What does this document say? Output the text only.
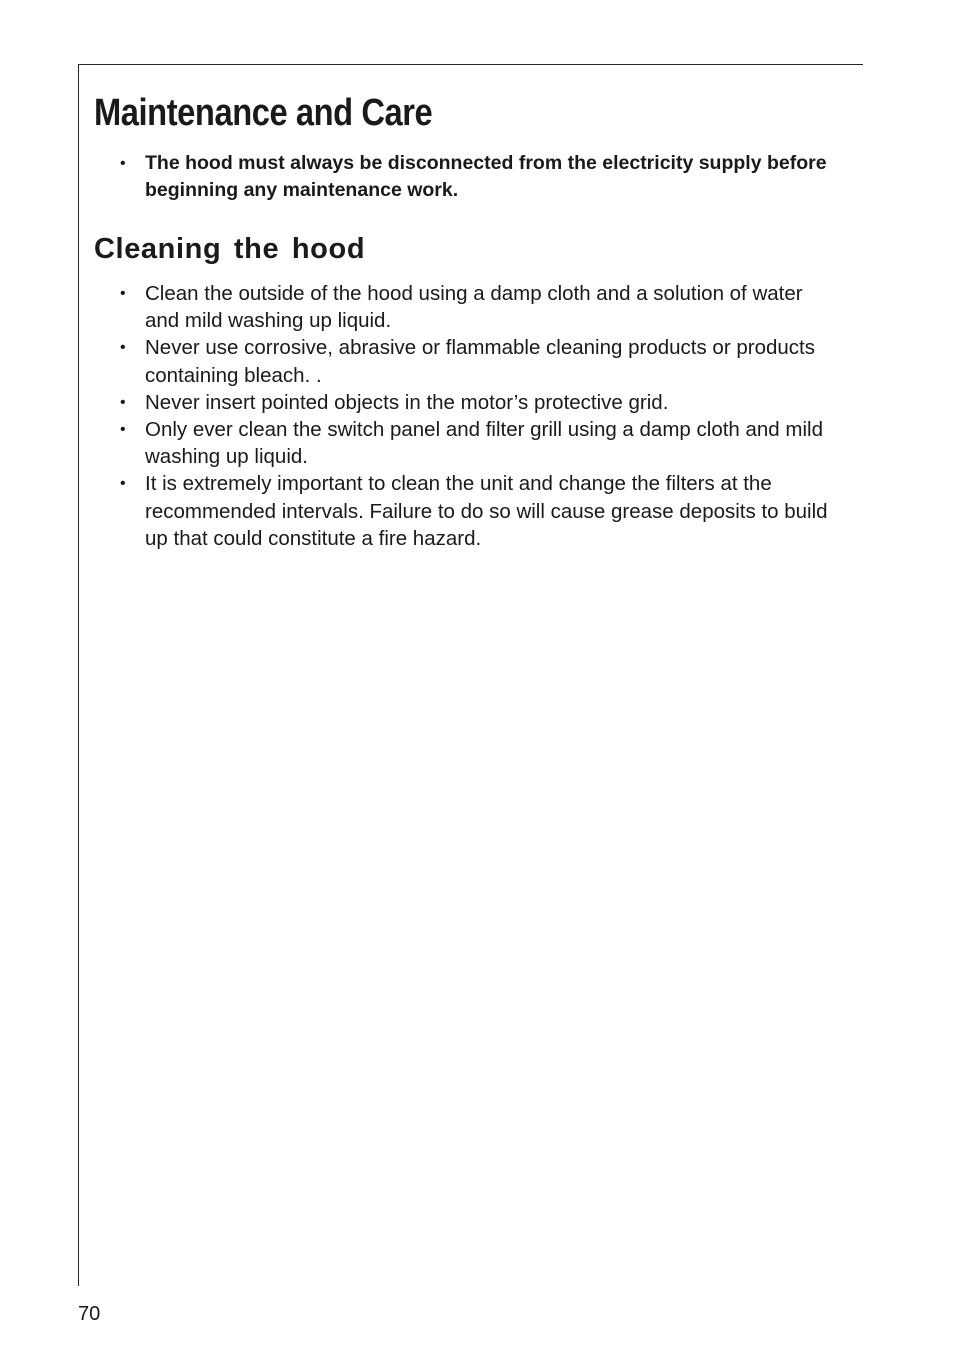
Maintenance and Care
• The hood must always be disconnected from the electricity supply before beginning any maintenance work.
Cleaning the hood
• Clean the outside of the hood using a damp cloth and a solution of water and mild washing up liquid.
• Never use corrosive, abrasive or flammable cleaning products or products containing bleach. .
• Never insert pointed objects in the motor’s protective grid.
• Only ever clean the switch panel and filter grill using a damp cloth and mild washing up liquid.
• It is extremely important to clean the unit and change the filters at the recommended intervals. Failure to do so will cause grease deposits to build up that could constitute a fire hazard.
70
